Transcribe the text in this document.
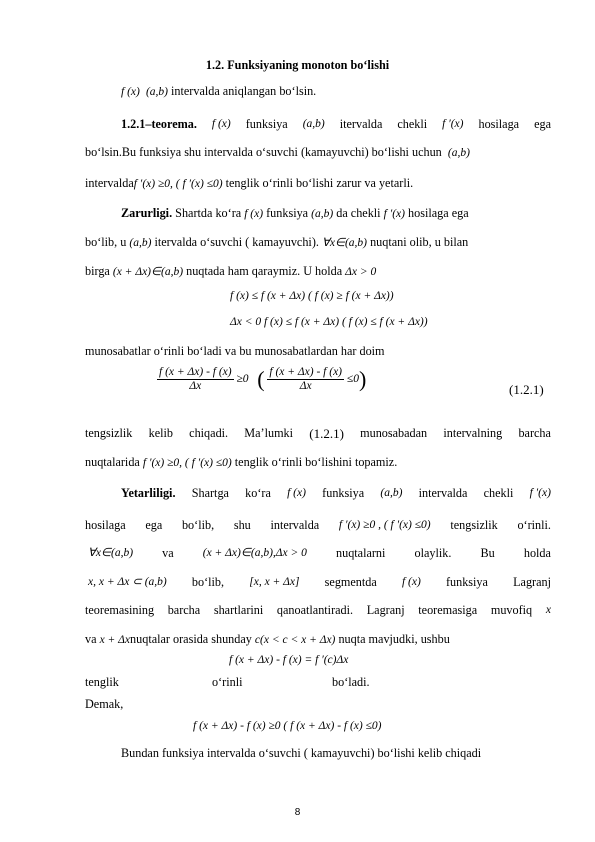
1.2. Funksiyaning monoton bo‘lishi
f (x) (a,b) intervalda aniqlangan bo‘lsin.
1.2.1–teorema. f (x) funksiya (a,b) itervalda chekli f ′(x) hosilaga ega
bo‘lsin.Bu funksiya shu intervalda o‘suvchi (kamayuvchi) bo‘lishi uchun (a,b)
intervaldaf ′(x) ≥0, ( f ′(x) ≤0) tenglik o‘rinli bo‘lishi zarur va yetarli.
Zarurligi. Shartda ko‘ra f (x) funksiya (a,b) da chekli f ′(x) hosilaga ega
bo‘lib, u (a,b) itervalda o‘suvchi ( kamayuvchi). ∀x∈(a,b) nuqtani olib, u bilan
birga (x + Δx)∈(a,b) nuqtada ham qaraymiz. U holda Δx > 0
f (x) ≤ f (x + Δx) ( f (x) ≥ f (x + Δx))
Δx < 0 f (x) ≤ f (x + Δx) ( f (x) ≤ f (x + Δx))
munosabatlar o‘rinli bo‘ladi va bu munosabatlardan har doim
$\frac{f (x + \Delta x) - f (x)}{\Delta x} \ge 0$ ( $\frac{f (x + \Delta x) - f (x)}{\Delta x} \le 0$)	(1.2.1)
tengsizlik kelib chiqadi. Ma’lumki (1.2.1) munosabadan intervalning barcha
nuqtalarida f ′(x) ≥0, ( f ′(x) ≤0) tenglik o‘rinli bo‘lishini topamiz.
Yetarliligi. Shartga ko‘ra f (x) funksiya (a,b) intervalda chekli f ′(x)
hosilaga ega bo‘lib, shu intervalda f ′(x) ≥0 , ( f ′(x) ≤0) tengsizlik o‘rinli.
∀x∈(a,b) va	(x + Δx)∈(a,b),Δx > 0 nuqtalarni olaylik. Bu holda
x, x + Δx ⊂ (a,b) bo‘lib, [x, x + Δx] segmentda f (x) funksiya Lagranj
teoremasining barcha shartlarini qanoatlantiradi. Lagranj teoremasiga muvofiq x
va x + Δxnuqtalar orasida shunday c(x < c < x + Δx) nuqta mavjudki, ushbu
f (x + Δx) - f (x) = f ′(c)Δx
tenglik	o‘rinli	bo‘ladi.
Demak,
f (x + Δx) - f (x) ≥0 ( f (x + Δx) - f (x) ≤0)
Bundan funksiya intervalda o‘suvchi ( kamayuvchi) bo‘lishi kelib chiqadi
8
